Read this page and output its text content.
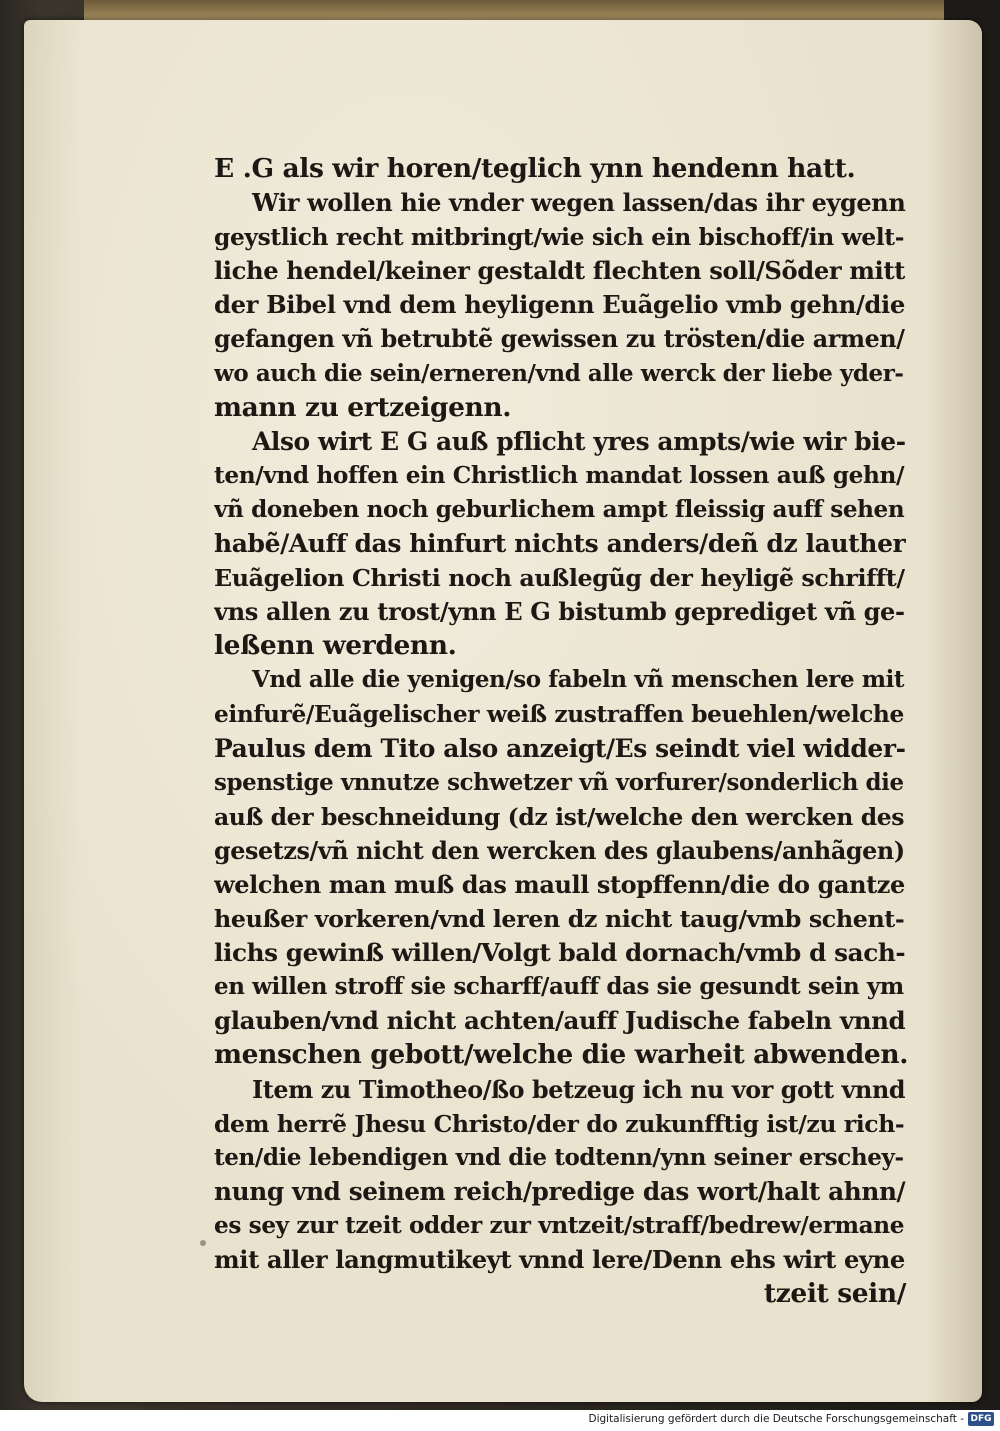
E .G als wir horen/teglich ynn hendenn hatt.
Wir wollen hie vnder wegen lassen/das ihr eygenn
geystlich recht mitbringt/wie sich ein bischoff/in welt-
liche hendel/keiner gestaldt flechten soll/Sõder mitt
der Bibel vnd dem heyligenn Euãgelio vmb gehn/die
gefangen vñ betrubtẽ gewissen zu trösten/die armen/
wo auch die sein/erneren/vnd alle werck der liebe yder-
mann zu ertzeigenn.
Also wirt E G auß pflicht yres ampts/wie wir bie-
ten/vnd hoffen ein Christlich mandat lossen auß gehn/
vñ doneben noch geburlichem ampt fleissig auff sehen
habẽ/Auff das hinfurt nichts anders/deñ dz lauther
Euãgelion Christi noch außlegũg der heyligẽ schrifft/
vns allen zu trost/ynn E G bistumb geprediget vñ ge-
leßenn werdenn.
Vnd alle die yenigen/so fabeln vñ menschen lere mit
einfurẽ/Euãgelischer weiß zustraffen beuehlen/welche
Paulus dem Tito also anzeigt/Es seindt viel widder-
spenstige vnnutze schwetzer vñ vorfurer/sonderlich die
auß der beschneidung (dz ist/welche den wercken des
gesetzs/vñ nicht den wercken des glaubens/anhãgen)
welchen man muß das maull stopffenn/die do gantze
heußer vorkeren/vnd leren dz nicht taug/vmb schent-
lichs gewinß willen/Volgt bald dornach/vmb d sach-
en willen stroff sie scharff/auff das sie gesundt sein ym
glauben/vnd nicht achten/auff Judische fabeln vnnd
menschen gebott/welche die warheit abwenden.
Item zu Timotheo/ßo betzeug ich nu vor gott vnnd
dem herrẽ Jhesu Christo/der do zukunfftig ist/zu rich-
ten/die lebendigen vnd die todtenn/ynn seiner erschey-
nung vnd seinem reich/predige das wort/halt ahnn/
es sey zur tzeit odder zur vntzeit/straff/bedrew/ermane
mit aller langmutikeyt vnnd lere/Denn ehs wirt eyne
tzeit sein/
Digitalisierung gefördert durch die Deutsche Forschungsgemeinschaft - DFG
